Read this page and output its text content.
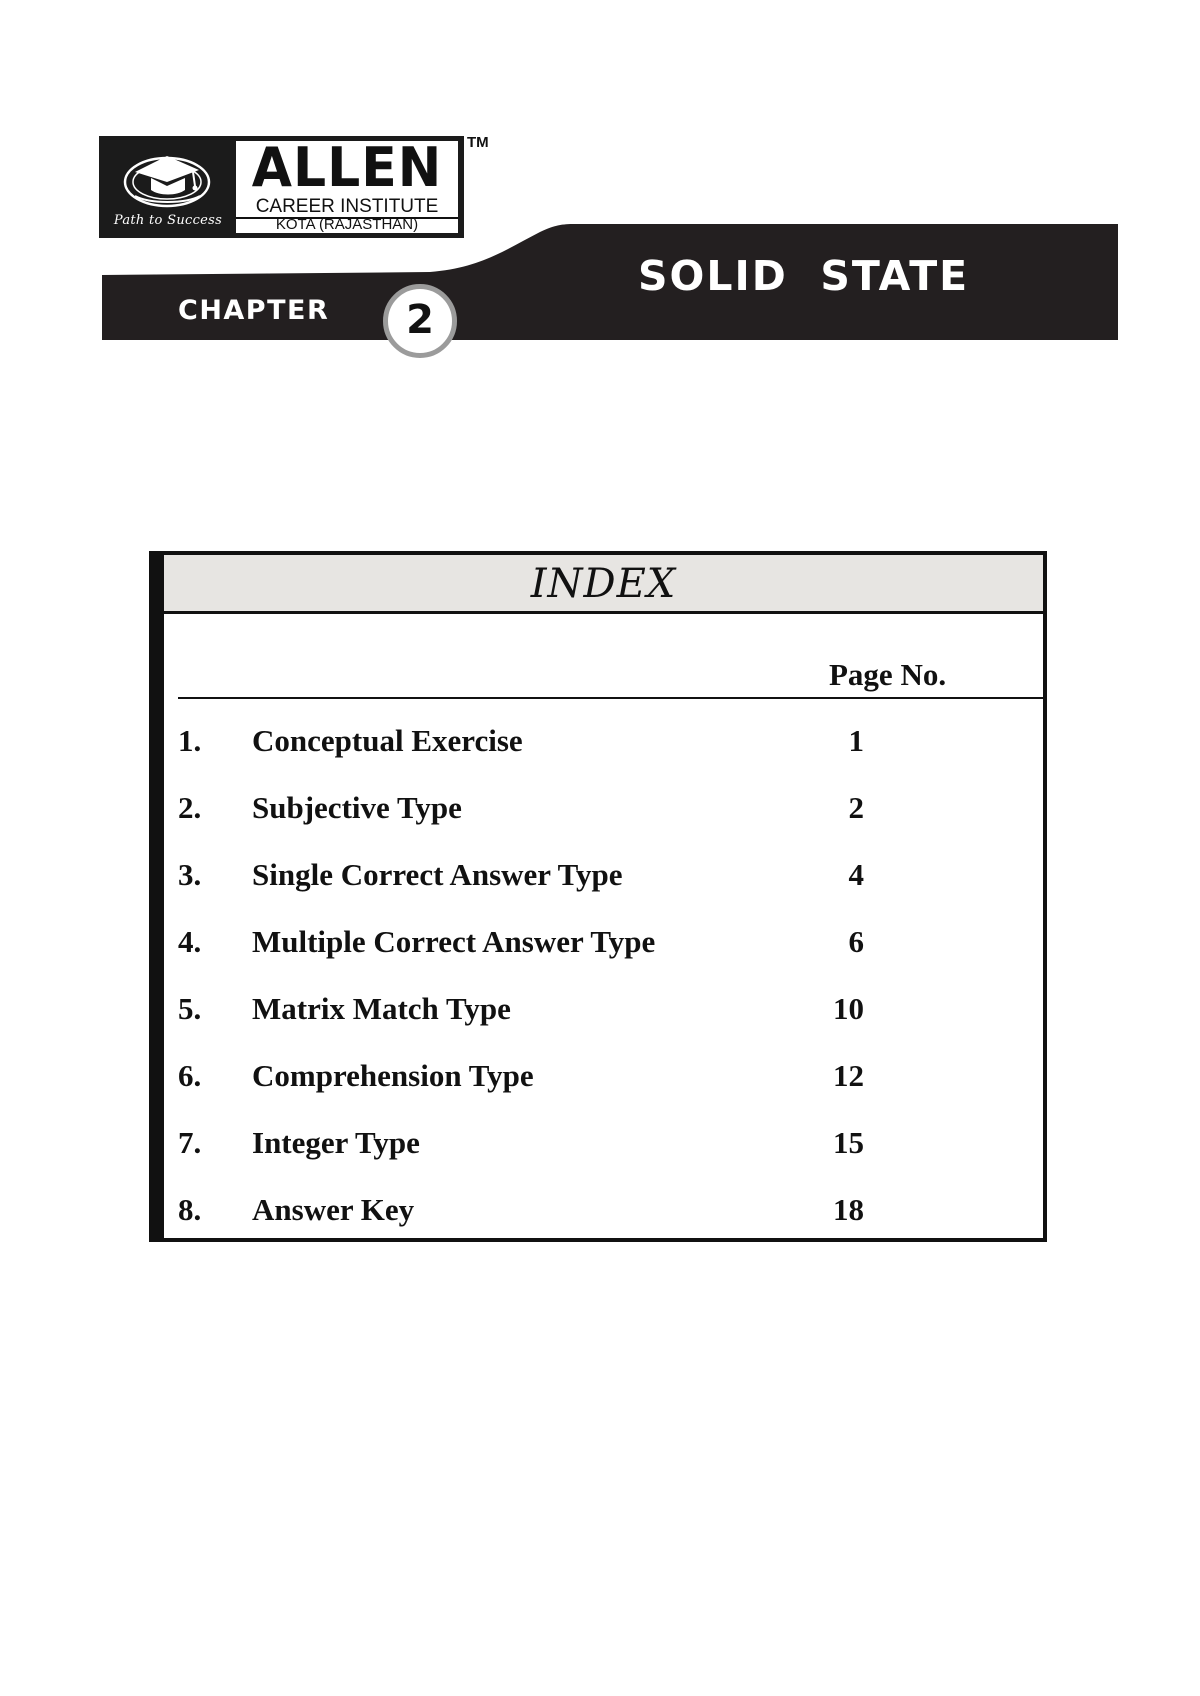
CHAPTER	2
SOLID  STATE
Path to Success
ALLEN
CAREER INSTITUTE
KOTA (RAJASTHAN)
TM
INDEX
Page No.
1. Conceptual Exercise	1
2. Subjective Type	2
3. Single Correct Answer Type	4
4. Multiple Correct Answer Type	6
5. Matrix Match Type	10
6. Comprehension Type	12
7. Integer Type	15
8. Answer Key	18
